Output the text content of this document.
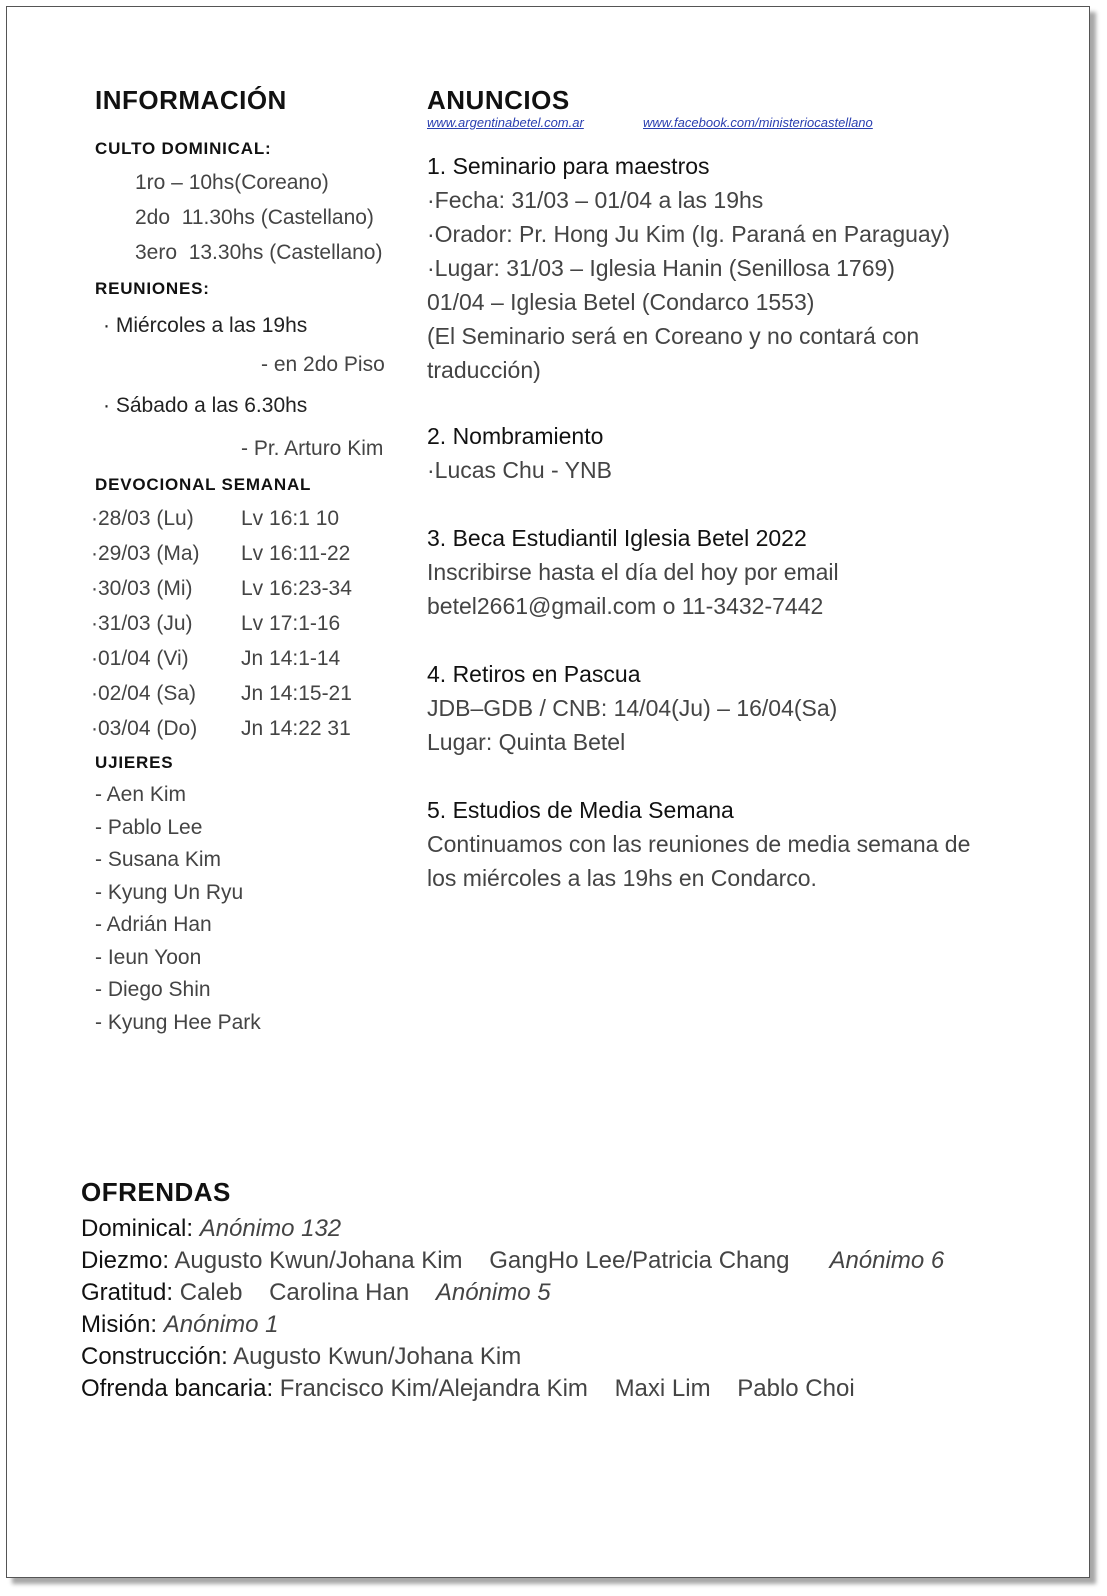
INFORMACIÓN
CULTO DOMINICAL:
1ro – 10hs(Coreano)
2do  11.30hs (Castellano)
3ero  13.30hs (Castellano)
REUNIONES:
· Miércoles a las 19hs
- en 2do Piso
· Sábado a las 6.30hs
- Pr. Arturo Kim
DEVOCIONAL SEMANAL
UJIERES
ANUNCIOS
www.argentinabetel.com.ar	www.facebook.com/ministeriocastellano
OFRENDAS
Dominical: Anónimo 132
Diezmo: Augusto Kwun/Johana Kim    GangHo Lee/Patricia Chang Anónimo 6
Gratitud: Caleb    Carolina Han Anónimo 5
Misión: Anónimo 1
Construcción: Augusto Kwun/Johana Kim
Ofrenda bancaria: Francisco Kim/Alejandra Kim    Maxi Lim    Pablo Choi
·28/03 (Lu) Lv 16:1 10
·29/03 (Ma) Lv 16:11-22
·30/03 (Mi) Lv 16:23-34
·31/03 (Ju) Lv 17:1-16
·01/04 (Vi) Jn 14:1-14
·02/04 (Sa) Jn 14:15-21
·03/04 (Do) Jn 14:22 31
- Aen Kim
- Pablo Lee
- Susana Kim
- Kyung Un Ryu
- Adrián Han
- Ieun Yoon
- Diego Shin
- Kyung Hee Park
1. Seminario para maestros
·Fecha: 31/03 – 01/04 a las 19hs
·Orador: Pr. Hong Ju Kim (Ig. Paraná en Paraguay)
·Lugar: 31/03 – Iglesia Hanin (Senillosa 1769)
01/04 – Iglesia Betel (Condarco 1553)
(El Seminario será en Coreano y no contará con
traducción)
2. Nombramiento
·Lucas Chu - YNB
3. Beca Estudiantil Iglesia Betel 2022
Inscribirse hasta el día del hoy por email
betel2661@gmail.com o 11-3432-7442
4. Retiros en Pascua
JDB–GDB / CNB: 14/04(Ju) – 16/04(Sa)
Lugar: Quinta Betel
5. Estudios de Media Semana
Continuamos con las reuniones de media semana de
los miércoles a las 19hs en Condarco.
